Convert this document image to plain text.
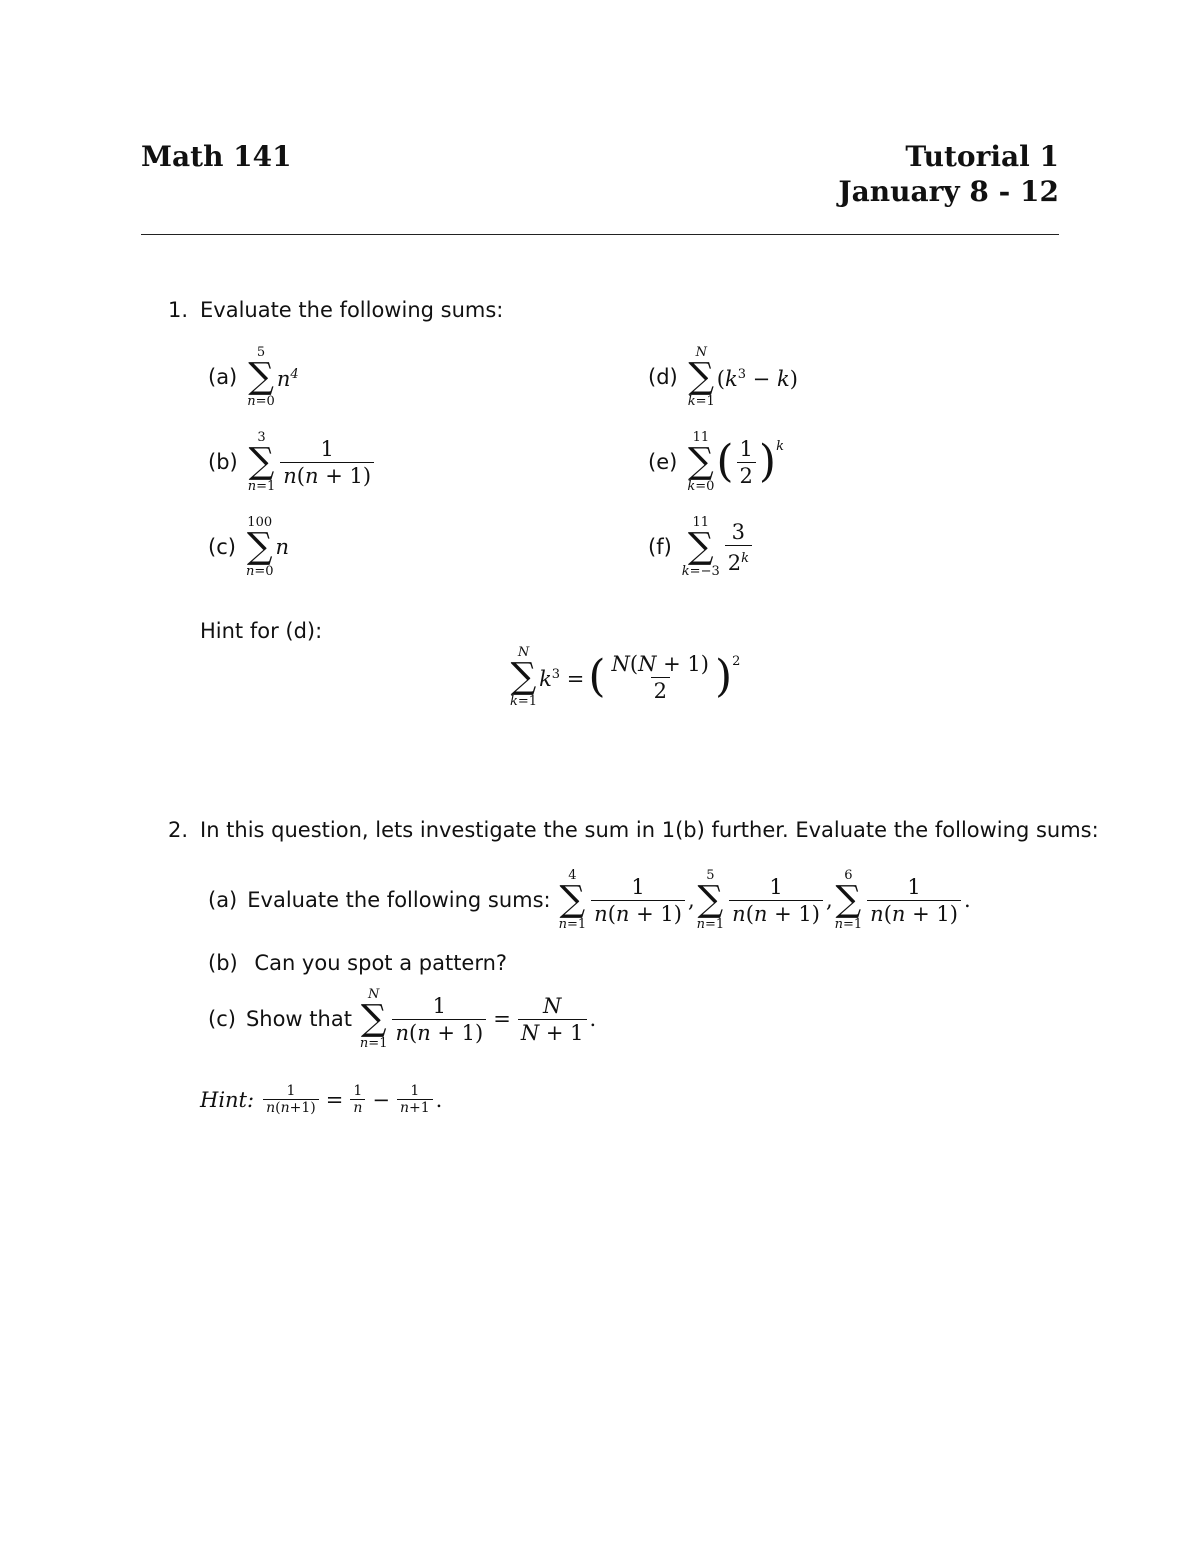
Math 141	Tutorial 1
January 8 - 12
1. Evaluate the following sums:
(a)
5
∑
n=0
$n^4$
(b)
3
∑
$n=1 \frac{1}{n(n + 1)}$
(c)
100
∑
n=0
n
(d)
N
∑
k=1
$(k^3 - k)$
(e)
11
∑
k=0 ( $\frac{1}{2}$ ) k
(f)
11
∑
$k=-3 \frac{3}{2^k}$
Hint for (d):
N
∑
k=1
$k^3$ = ( $\frac{N(N + 1)}{2}$ ) 2
2. In this question, lets investigate the sum in 1(b) further. Evaluate the following sums:
(a) Evaluate the following sums:
4
∑
$n=1 \frac{1}{n(n + 1)}$ ,
5
∑
$n=1 \frac{1}{n(n + 1)}$ ,
6
∑
$n=1 \frac{1}{n(n + 1)}$ .
(b) Can you spot a pattern?
(c) Show that
N
∑
$n=1 \frac{1}{n(n + 1)} = \frac{N}{N + 1}$ .
Hint: $\frac{1}{n(n+1)} = \frac{1}{n} - \frac{1}{n+1}$ .
